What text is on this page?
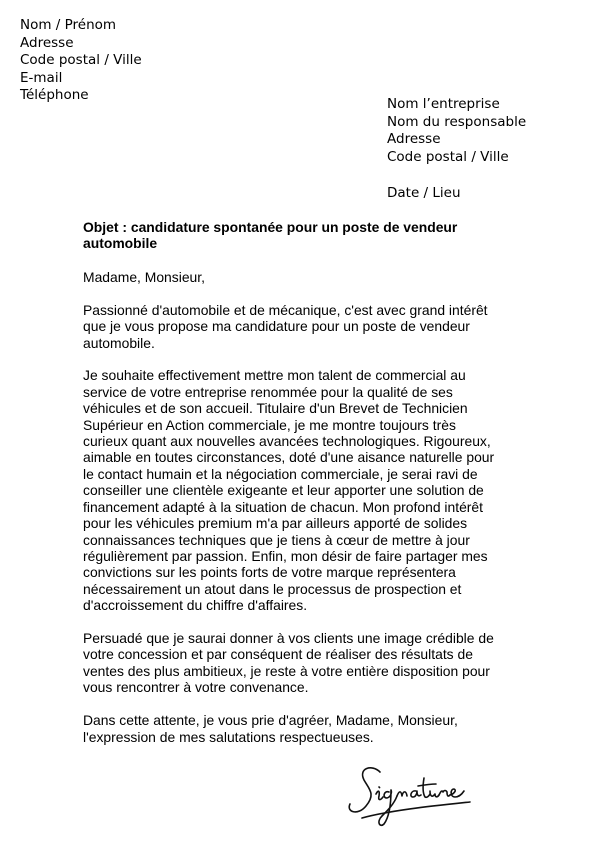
Nom / Prénom
Adresse
Code postal / Ville
E-mail
Téléphone
Nom l’entreprise
Nom du responsable
Adresse
Code postal / Ville
Date / Lieu
Objet : candidature spontanée pour un poste de vendeur
automobile
Madame, Monsieur,
Passionné d'automobile et de mécanique, c'est avec grand intérêt
que je vous propose ma candidature pour un poste de vendeur
automobile.
Je souhaite effectivement mettre mon talent de commercial au
service de votre entreprise renommée pour la qualité de ses
véhicules et de son accueil. Titulaire d'un Brevet de Technicien
Supérieur en Action commerciale, je me montre toujours très
curieux quant aux nouvelles avancées technologiques. Rigoureux,
aimable en toutes circonstances, doté d'une aisance naturelle pour
le contact humain et la négociation commerciale, je serai ravi de
conseiller une clientèle exigeante et leur apporter une solution de
financement adapté à la situation de chacun. Mon profond intérêt
pour les véhicules premium m'a par ailleurs apporté de solides
connaissances techniques que je tiens à cœur de mettre à jour
régulièrement par passion. Enfin, mon désir de faire partager mes
convictions sur les points forts de votre marque représentera
nécessairement un atout dans le processus de prospection et
d'accroissement du chiffre d'affaires.
Persuadé que je saurai donner à vos clients une image crédible de
votre concession et par conséquent de réaliser des résultats de
ventes des plus ambitieux, je reste à votre entière disposition pour
vous rencontrer à votre convenance.
Dans cette attente, je vous prie d'agréer, Madame, Monsieur,
l'expression de mes salutations respectueuses.
